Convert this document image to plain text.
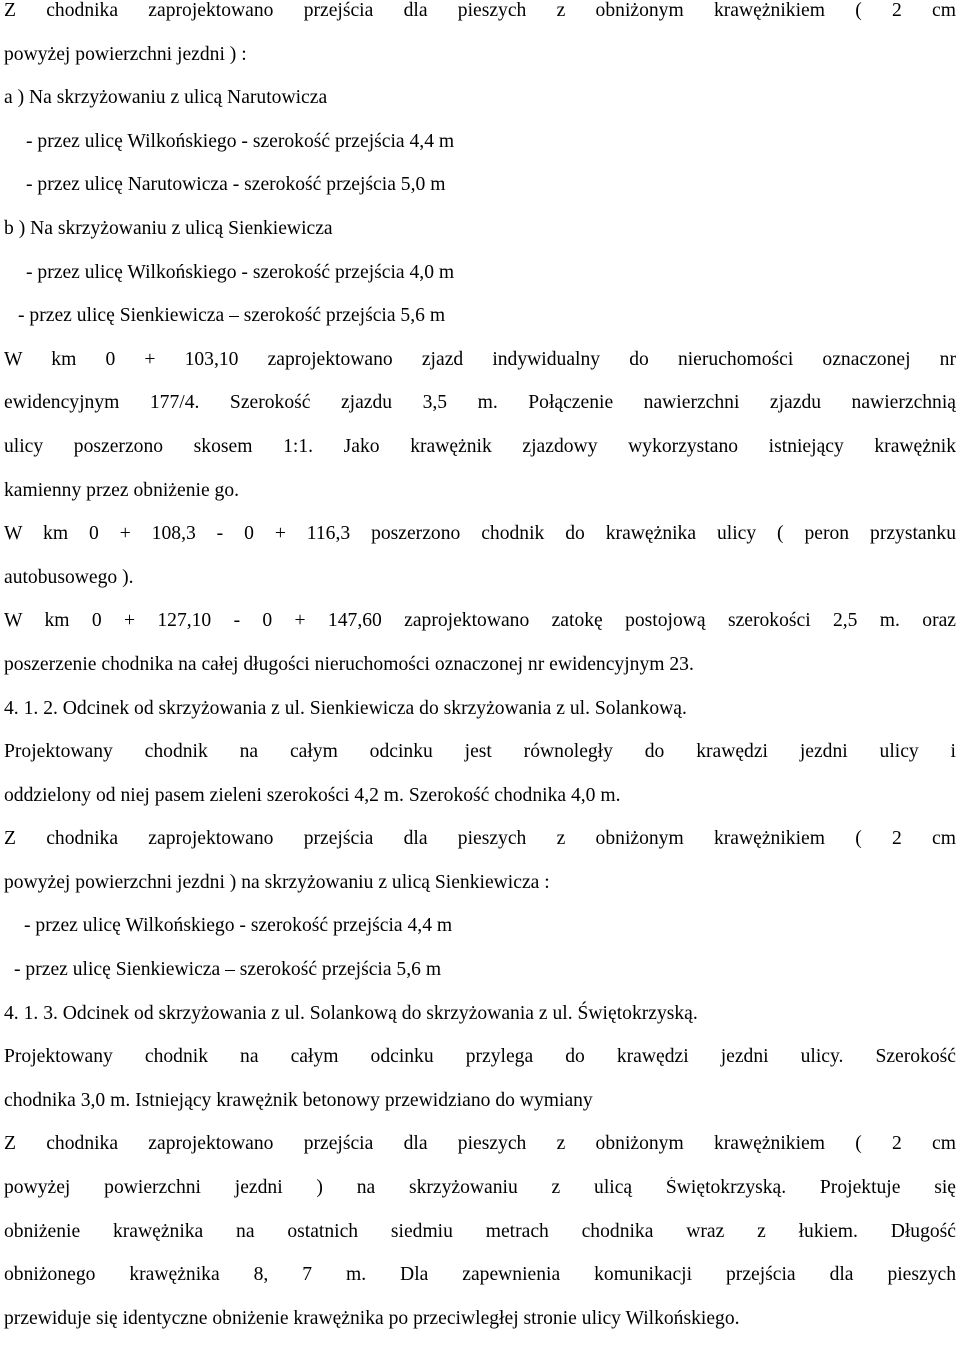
Z chodnika zaprojektowano przejścia dla pieszych z obniżonym krawężnikiem ( 2 cm
powyżej powierzchni jezdni ) :
a ) Na skrzyżowaniu z ulicą Narutowicza
- przez ulicę Wilkońskiego - szerokość przejścia 4,4 m
- przez ulicę Narutowicza - szerokość przejścia 5,0 m
b ) Na skrzyżowaniu z ulicą Sienkiewicza
- przez ulicę Wilkońskiego - szerokość przejścia 4,0 m
- przez ulicę Sienkiewicza – szerokość przejścia 5,6 m
W km 0 + 103,10 zaprojektowano zjazd indywidualny do nieruchomości oznaczonej nr
ewidencyjnym 177/4. Szerokość zjazdu 3,5 m. Połączenie nawierzchni zjazdu nawierzchnią
ulicy poszerzono skosem 1:1. Jako krawężnik zjazdowy wykorzystano istniejący krawężnik
kamienny przez obniżenie go.
W km 0 + 108,3 - 0 + 116,3 poszerzono chodnik do krawężnika ulicy ( peron przystanku
autobusowego ).
W km 0 + 127,10 - 0 + 147,60 zaprojektowano zatokę postojową szerokości 2,5 m. oraz
poszerzenie chodnika na całej długości nieruchomości oznaczonej nr ewidencyjnym 23.
4. 1. 2. Odcinek od skrzyżowania z ul. Sienkiewicza do skrzyżowania z ul. Solankową.
Projektowany chodnik na całym odcinku jest równoległy do krawędzi jezdni ulicy i
oddzielony od niej pasem zieleni szerokości 4,2 m. Szerokość chodnika 4,0 m.
Z chodnika zaprojektowano przejścia dla pieszych z obniżonym krawężnikiem ( 2 cm
powyżej powierzchni jezdni ) na skrzyżowaniu z ulicą Sienkiewicza :
- przez ulicę Wilkońskiego - szerokość przejścia 4,4 m
- przez ulicę Sienkiewicza – szerokość przejścia 5,6 m
4. 1. 3. Odcinek od skrzyżowania z ul. Solankową do skrzyżowania z ul. Świętokrzyską.
Projektowany chodnik na całym odcinku przylega do krawędzi jezdni ulicy. Szerokość
chodnika 3,0 m. Istniejący krawężnik betonowy przewidziano do wymiany
Z chodnika zaprojektowano przejścia dla pieszych z obniżonym krawężnikiem ( 2 cm
powyżej powierzchni jezdni ) na skrzyżowaniu z ulicą Świętokrzyską. Projektuje się
obniżenie krawężnika na ostatnich siedmiu metrach chodnika wraz z łukiem. Długość
obniżonego krawężnika 8, 7 m. Dla zapewnienia komunikacji przejścia dla pieszych
przewiduje się identyczne obniżenie krawężnika po przeciwległej stronie ulicy Wilkońskiego.
